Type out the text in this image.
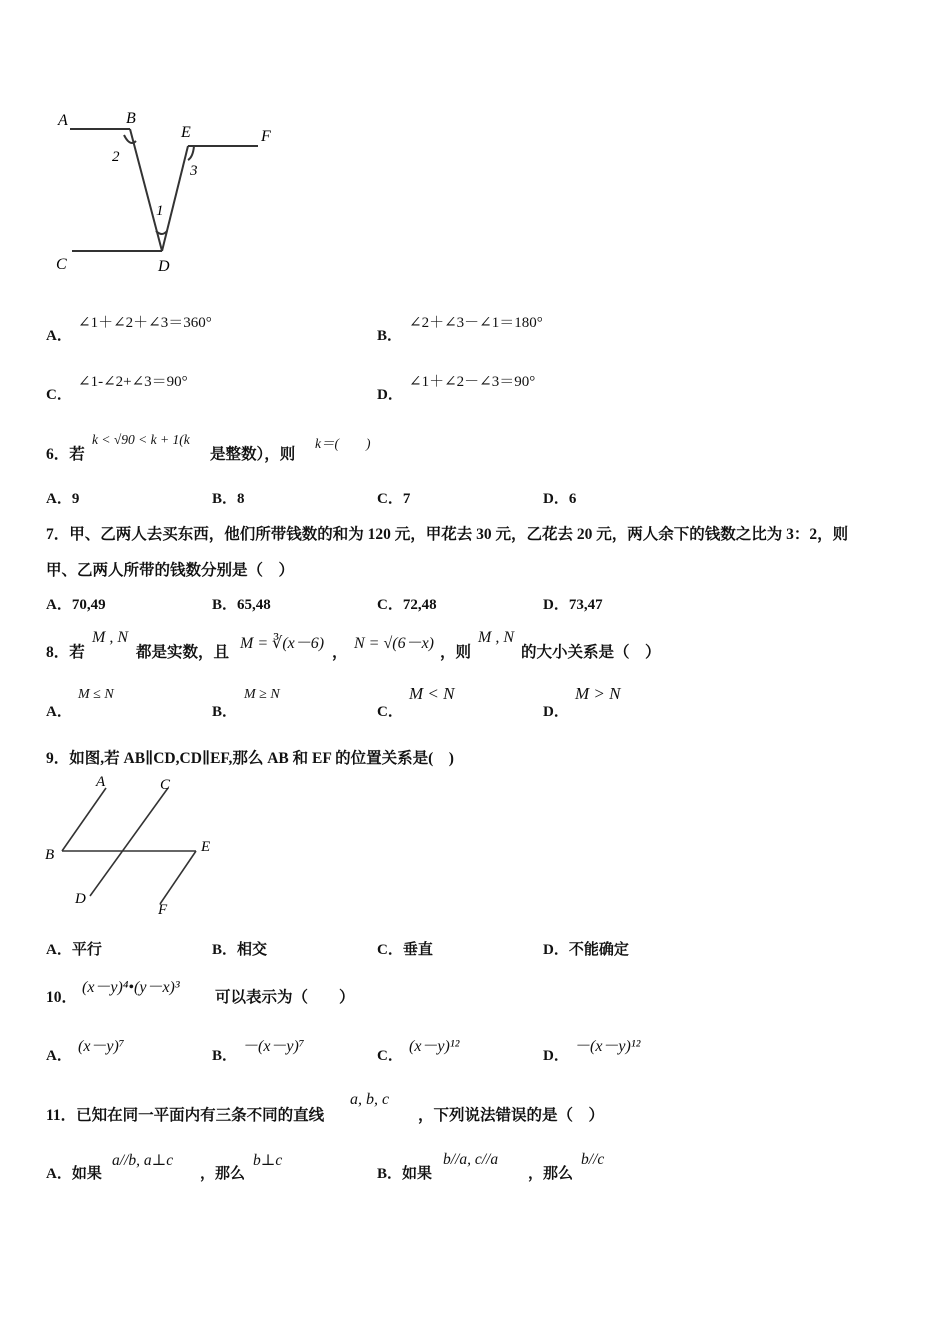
A	B
E	F
C	D
1
2
3
A．
∠1＋∠2＋∠3＝360°
B．
∠2＋∠3－∠1＝180°
C．
∠1-∠2+∠3＝90°
D．
∠1＋∠2－∠3＝90°
6．若
k < √90 < k + 1(k
是整数），则
k＝(　　)
A．9	B．8	C．7	D．6
7．甲、乙两人去买东西，他们所带钱数的和为 120 元，甲花去 30 元，乙花去 20 元，两人余下的钱数之比为 3：2，则
甲、乙两人所带的钱数分别是（　）
A．70,49	B．65,48	C．72,48	D．73,47
8．若
M , N
都是实数，且
M = ∛(x－6)
，
N = √(6－x)
，则
M , N
的大小关系是（　）
A．
M ≤ N
B．
M ≥ N
C．
M < N
D．
M > N
9．如图,若 AB∥CD,CD∥EF,那么 AB 和 EF 的位置关系是(　)
A	C
B	E
D
F
A．平行	B．相交	C．垂直	D．不能确定
10．
(x－y)⁴•(y－x)³
可以表示为（　　）
A．
(x－y)⁷
B．
－(x－y)⁷
C．
(x－y)¹²
D．
－(x－y)¹²
11．已知在同一平面内有三条不同的直线
a, b, c
，下列说法错误的是（　）
A．如果
a//b, a⊥c
，那么
b⊥c
B．如果
b//a, c//a
，那么
b//c
